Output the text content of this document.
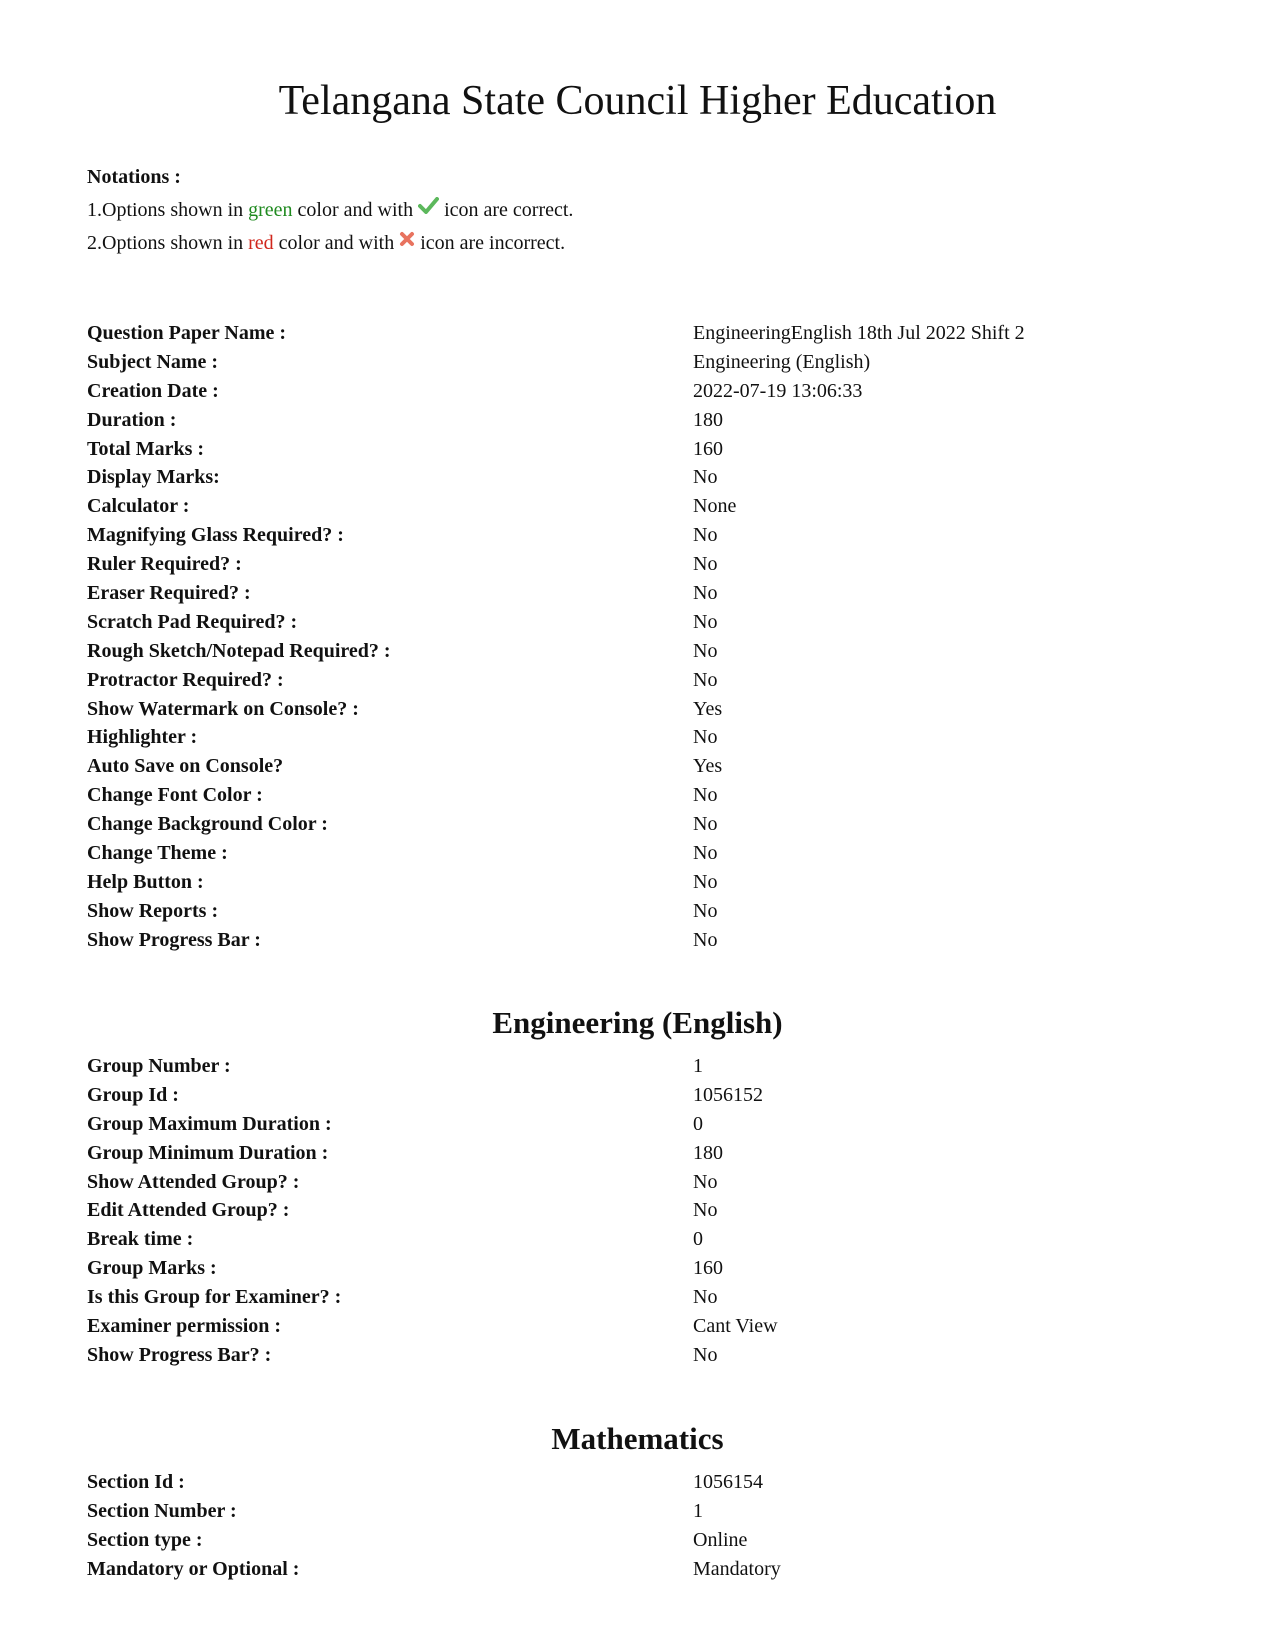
Telangana State Council Higher Education
Notations :
1.Options shown in green color and with icon are correct.
2.Options shown in red color and with icon are incorrect.
Question Paper Name :	EngineeringEnglish 18th Jul 2022 Shift 2
Subject Name :	Engineering (English)
Creation Date :	2022-07-19 13:06:33
Duration :	180
Total Marks :	160
Display Marks:	No
Calculator :	None
Magnifying Glass Required? :	No
Ruler Required? :	No
Eraser Required? :	No
Scratch Pad Required? :	No
Rough Sketch/Notepad Required? :	No
Protractor Required? :	No
Show Watermark on Console? :	Yes
Highlighter :	No
Auto Save on Console?	Yes
Change Font Color :	No
Change Background Color :	No
Change Theme :	No
Help Button :	No
Show Reports :	No
Show Progress Bar :	No
Engineering (English)
Group Number :	1
Group Id :	1056152
Group Maximum Duration :	0
Group Minimum Duration :	180
Show Attended Group? :	No
Edit Attended Group? :	No
Break time :	0
Group Marks :	160
Is this Group for Examiner? :	No
Examiner permission :	Cant View
Show Progress Bar? :	No
Mathematics
Section Id :	1056154
Section Number :	1
Section type :	Online
Mandatory or Optional :	Mandatory
